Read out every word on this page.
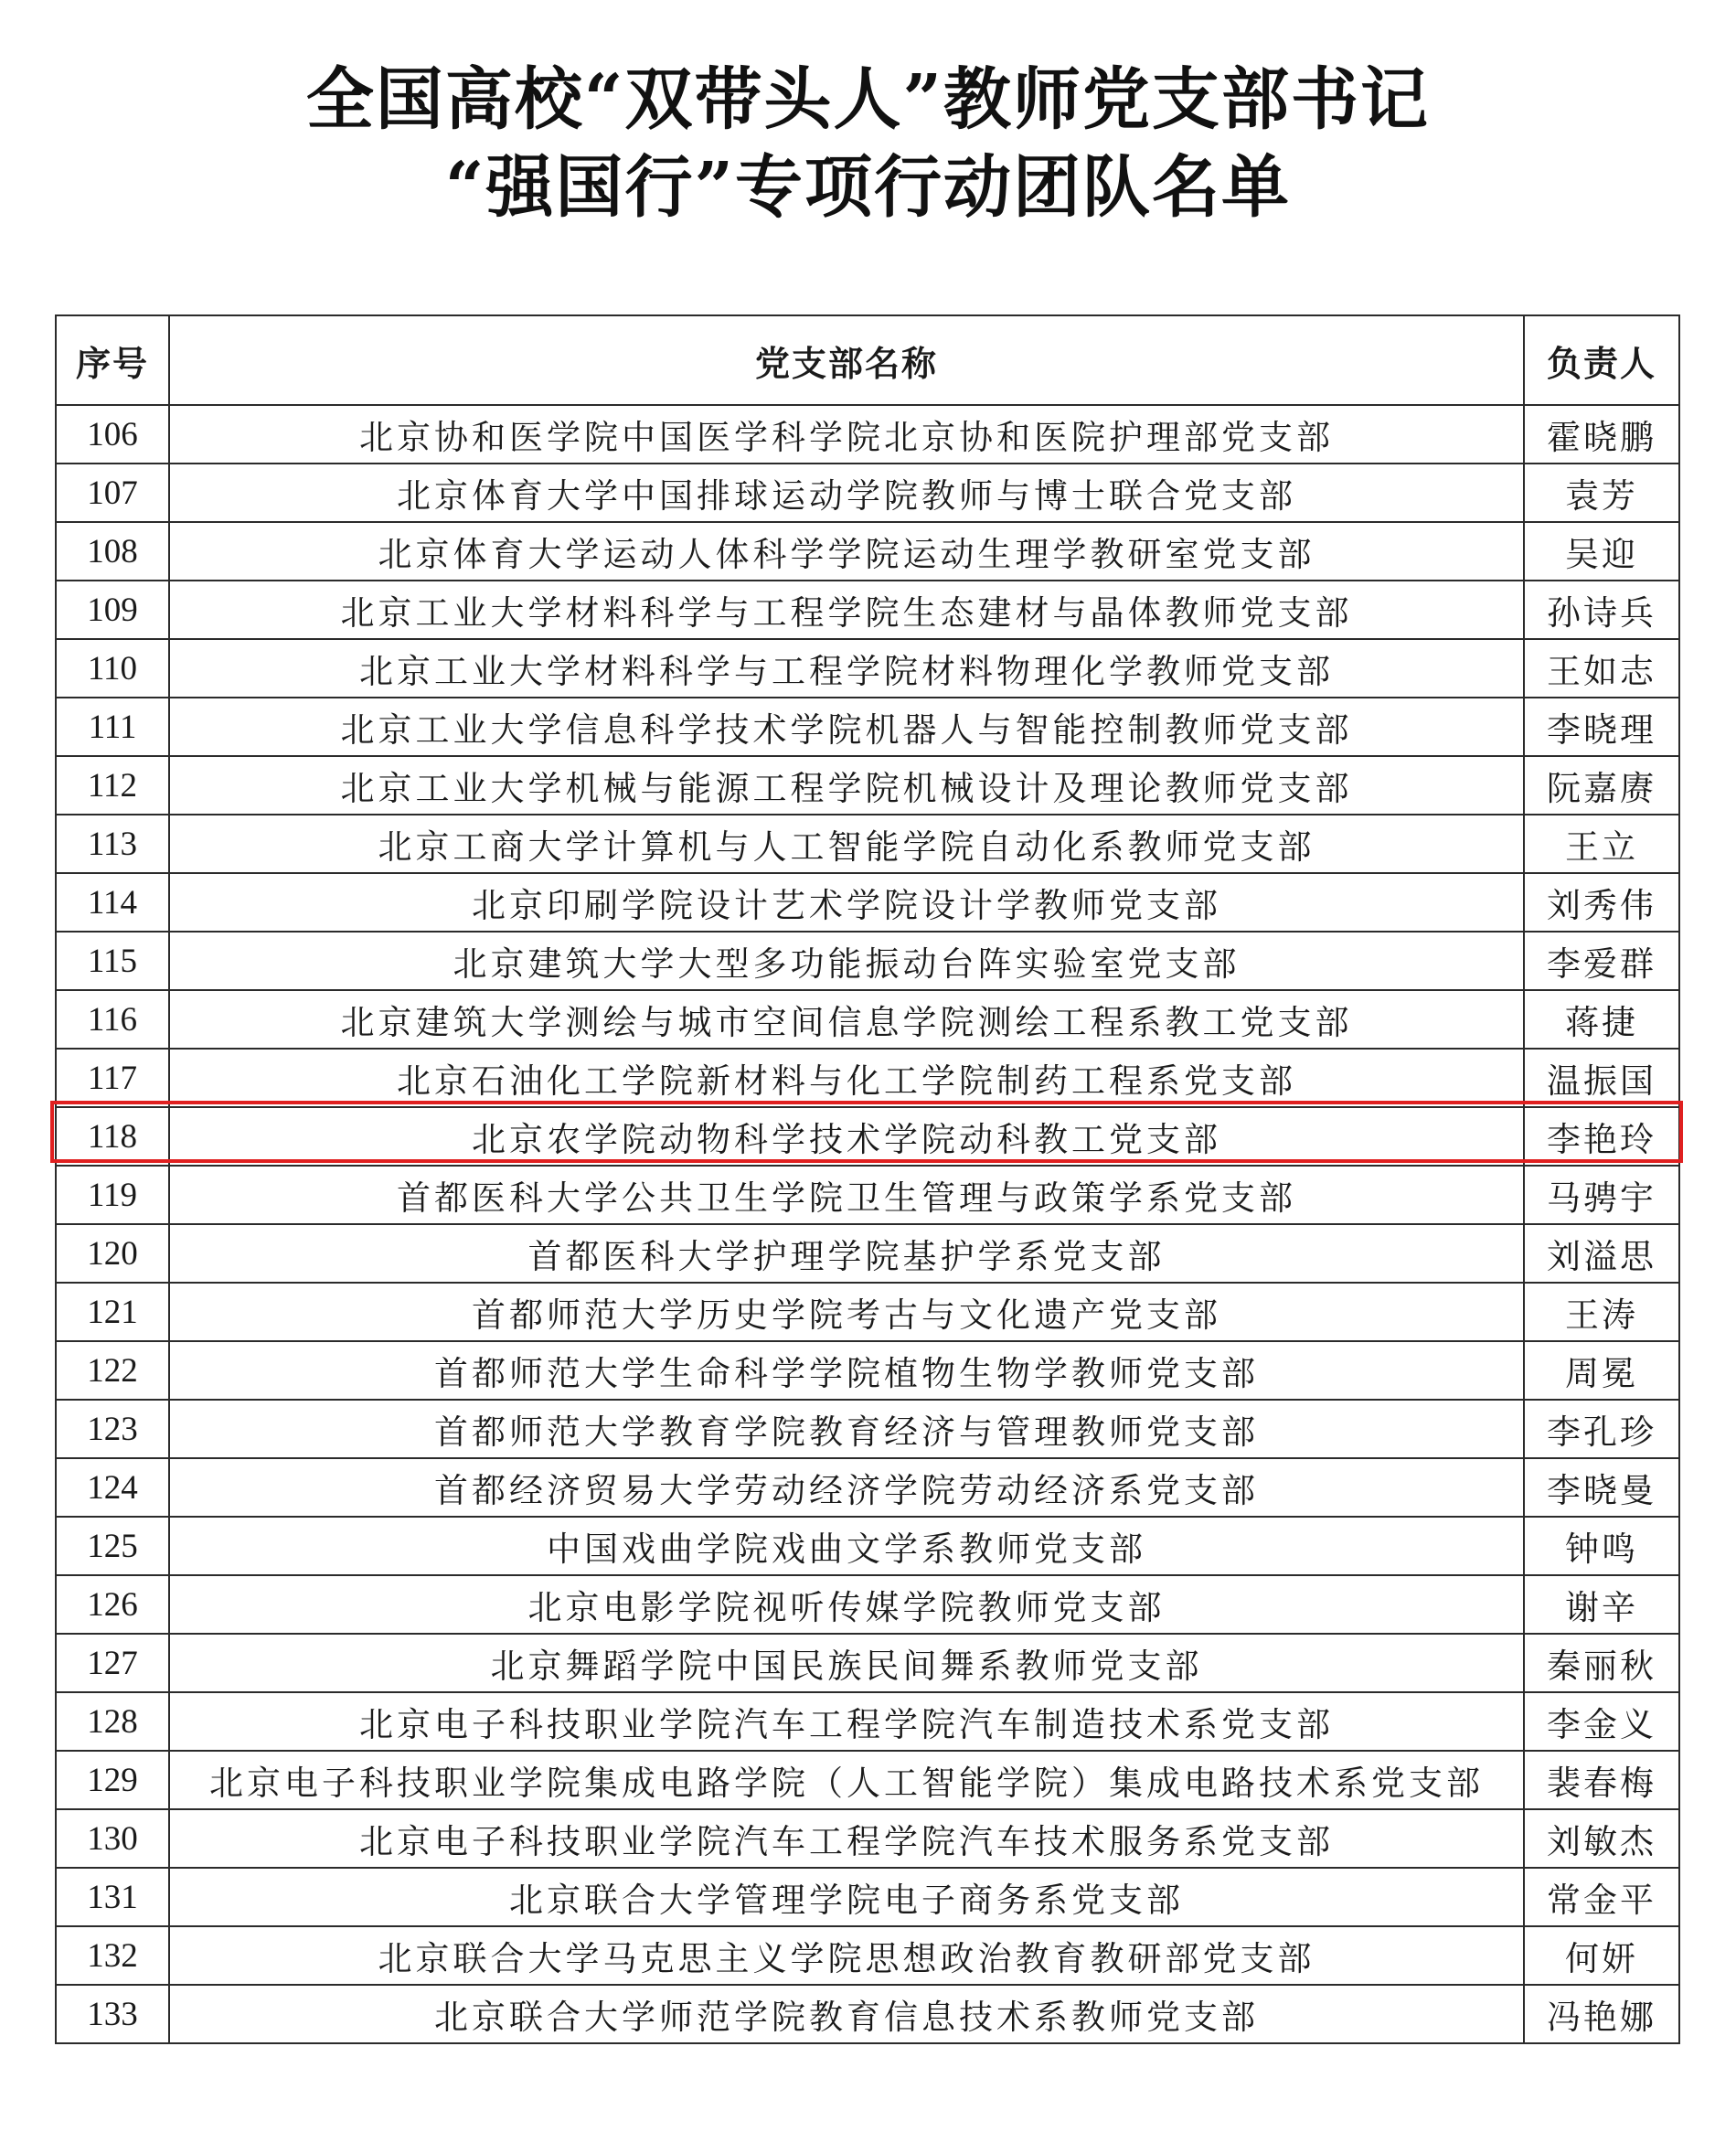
全国高校“双带头人”教师党支部书记
“强国行”专项行动团队名单
序号	党支部名称	负责人
106	北京协和医学院中国医学科学院北京协和医院护理部党支部	霍晓鹏
107	北京体育大学中国排球运动学院教师与博士联合党支部	袁芳
108	北京体育大学运动人体科学学院运动生理学教研室党支部	吴迎
109	北京工业大学材料科学与工程学院生态建材与晶体教师党支部	孙诗兵
110	北京工业大学材料科学与工程学院材料物理化学教师党支部	王如志
111	北京工业大学信息科学技术学院机器人与智能控制教师党支部	李晓理
112	北京工业大学机械与能源工程学院机械设计及理论教师党支部	阮嘉赓
113	北京工商大学计算机与人工智能学院自动化系教师党支部	王立
114	北京印刷学院设计艺术学院设计学教师党支部	刘秀伟
115	北京建筑大学大型多功能振动台阵实验室党支部	李爱群
116	北京建筑大学测绘与城市空间信息学院测绘工程系教工党支部	蒋捷
117	北京石油化工学院新材料与化工学院制药工程系党支部	温振国
118	北京农学院动物科学技术学院动科教工党支部	李艳玲
119	首都医科大学公共卫生学院卫生管理与政策学系党支部	马骋宇
120	首都医科大学护理学院基护学系党支部	刘溢思
121	首都师范大学历史学院考古与文化遗产党支部	王涛
122	首都师范大学生命科学学院植物生物学教师党支部	周冕
123	首都师范大学教育学院教育经济与管理教师党支部	李孔珍
124	首都经济贸易大学劳动经济学院劳动经济系党支部	李晓曼
125	中国戏曲学院戏曲文学系教师党支部	钟鸣
126	北京电影学院视听传媒学院教师党支部	谢辛
127	北京舞蹈学院中国民族民间舞系教师党支部	秦丽秋
128	北京电子科技职业学院汽车工程学院汽车制造技术系党支部	李金义
129	北京电子科技职业学院集成电路学院（人工智能学院）集成电路技术系党支部	裴春梅
130	北京电子科技职业学院汽车工程学院汽车技术服务系党支部	刘敏杰
131	北京联合大学管理学院电子商务系党支部	常金平
132	北京联合大学马克思主义学院思想政治教育教研部党支部	何妍
133	北京联合大学师范学院教育信息技术系教师党支部	冯艳娜
